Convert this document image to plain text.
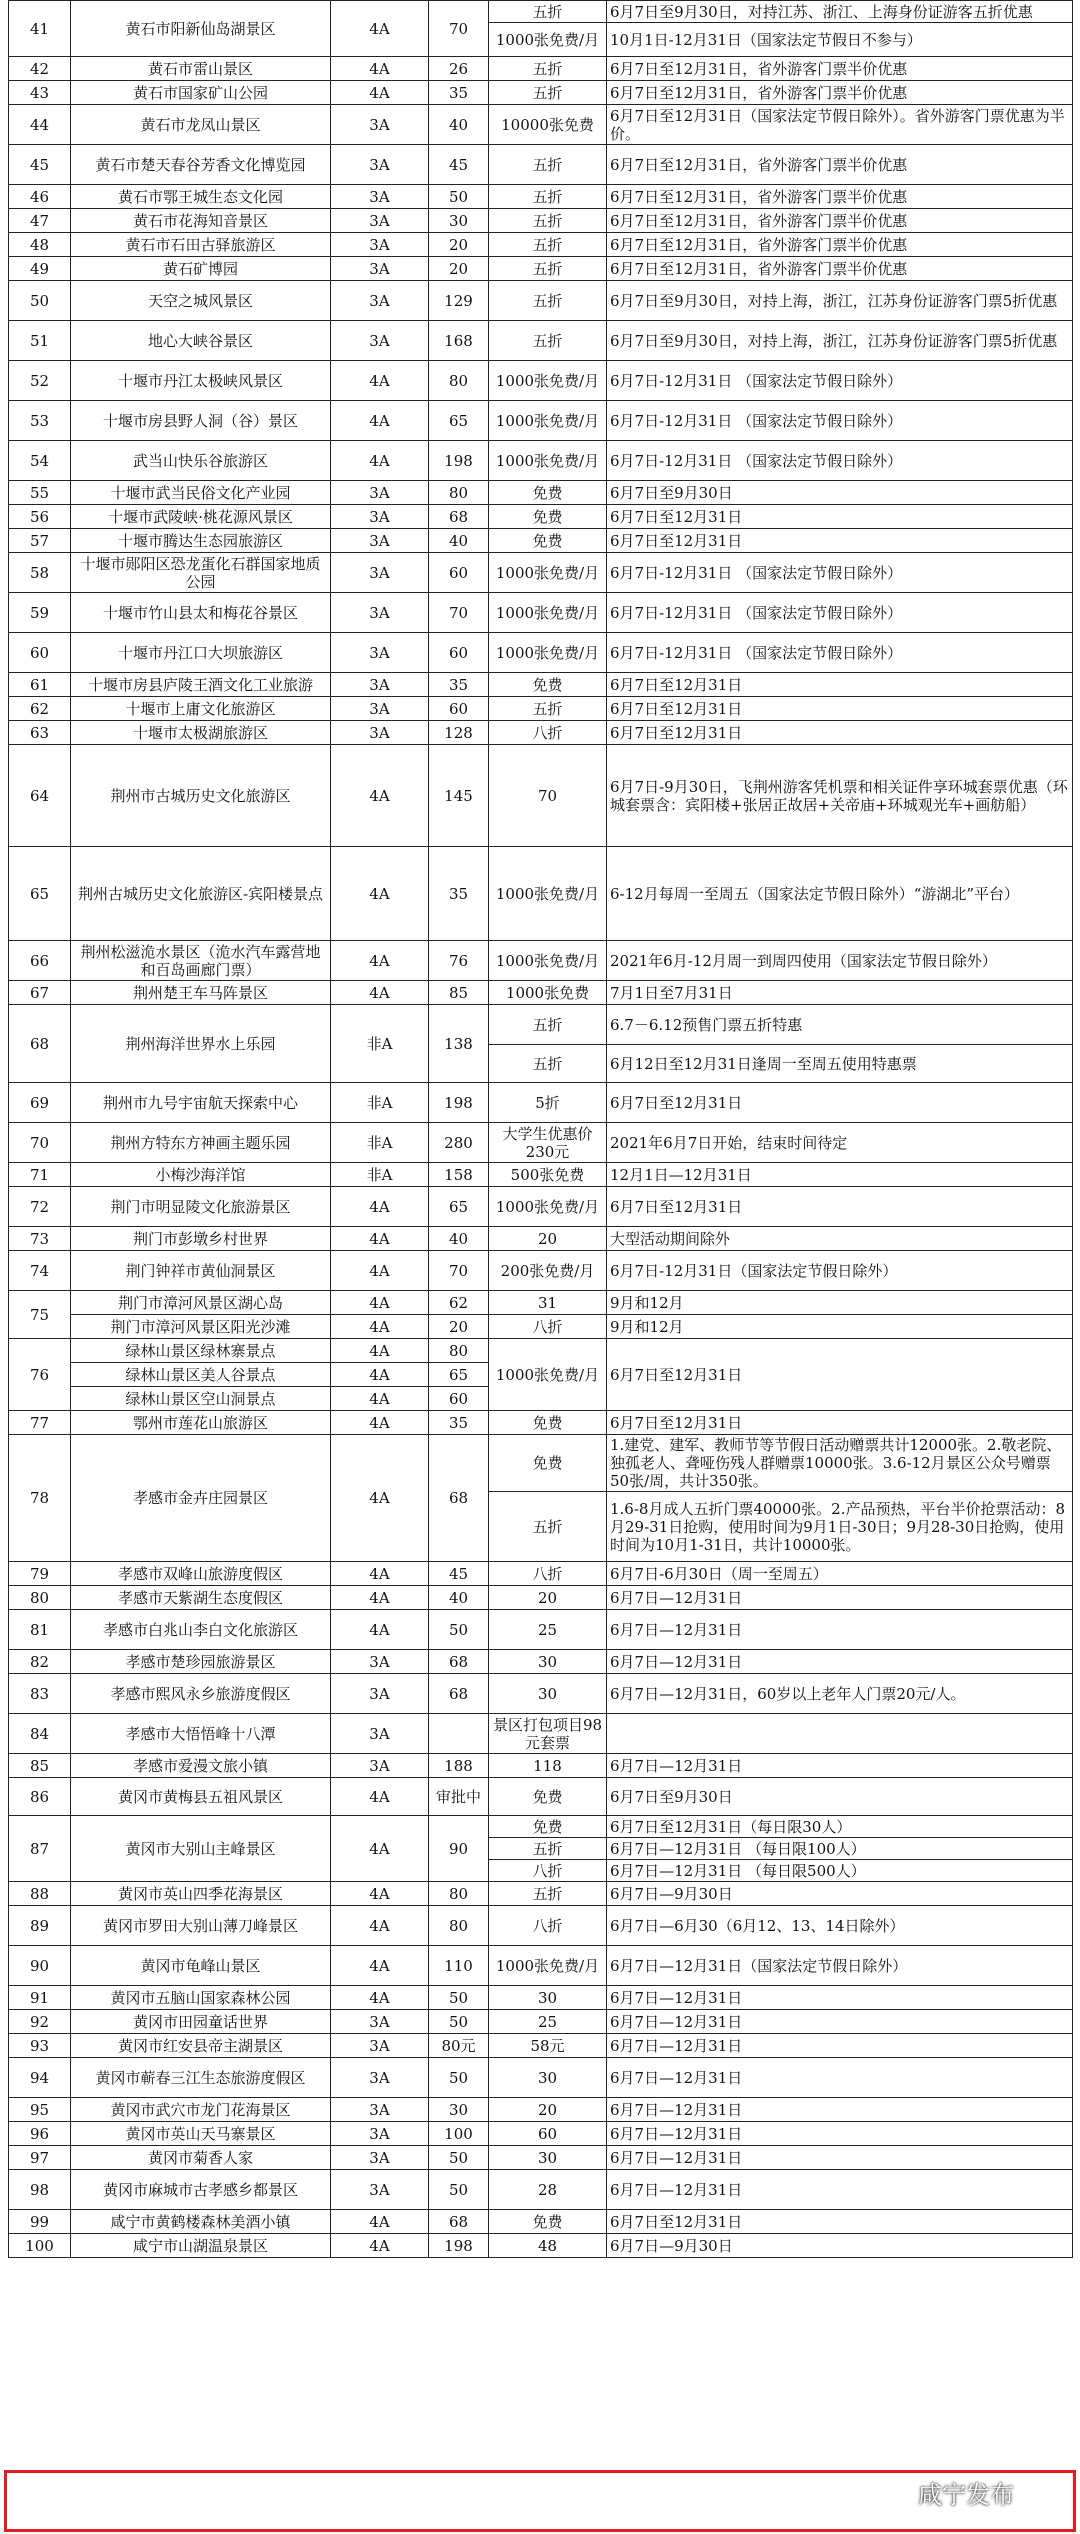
41	黄石市阳新仙岛湖景区	4A	70	五折	6月7日至9月30日，对持江苏、浙江、上海身份证游客五折优惠
				1000张免费/月	10月1日-12月31日（国家法定节假日不参与）
42	黄石市雷山景区	4A	26	五折	6月7日至12月31日，省外游客门票半价优惠
43	黄石市国家矿山公园	4A	35	五折	6月7日至12月31日，省外游客门票半价优惠
44	黄石市龙凤山景区	3A	40	10000张免费	6月7日至12月31日（国家法定节假日除外）。省外游客门票优惠为半价。
45	黄石市楚天春谷芳香文化博览园	3A	45	五折	6月7日至12月31日，省外游客门票半价优惠
46	黄石市鄂王城生态文化园	3A	50	五折	6月7日至12月31日，省外游客门票半价优惠
47	黄石市花海知音景区	3A	30	五折	6月7日至12月31日，省外游客门票半价优惠
48	黄石市石田古驿旅游区	3A	20	五折	6月7日至12月31日，省外游客门票半价优惠
49	黄石矿博园	3A	20	五折	6月7日至12月31日，省外游客门票半价优惠
50	天空之城风景区	3A	129	五折	6月7日至9月30日，对持上海，浙江，江苏身份证游客门票5折优惠
51	地心大峡谷景区	3A	168	五折	6月7日至9月30日，对持上海，浙江，江苏身份证游客门票5折优惠
52	十堰市丹江太极峡风景区	4A	80	1000张免费/月	6月7日-12月31日 （国家法定节假日除外）
53	十堰市房县野人洞（谷）景区	4A	65	1000张免费/月	6月7日-12月31日 （国家法定节假日除外）
54	武当山快乐谷旅游区	4A	198	1000张免费/月	6月7日-12月31日 （国家法定节假日除外）
55	十堰市武当民俗文化产业园	3A	80	免费	6月7日至9月30日
56	十堰市武陵峡·桃花源风景区	3A	68	免费	6月7日至12月31日
57	十堰市腾达生态园旅游区	3A	40	免费	6月7日至12月31日
58	十堰市郧阳区恐龙蛋化石群国家地质公园	3A	60	1000张免费/月	6月7日-12月31日 （国家法定节假日除外）
59	十堰市竹山县太和梅花谷景区	3A	70	1000张免费/月	6月7日-12月31日 （国家法定节假日除外）
60	十堰市丹江口大坝旅游区	3A	60	1000张免费/月	6月7日-12月31日 （国家法定节假日除外）
61	十堰市房县庐陵王酒文化工业旅游	3A	35	免费	6月7日至12月31日
62	十堰市上庸文化旅游区	3A	60	五折	6月7日至12月31日
63	十堰市太极湖旅游区	3A	128	八折	6月7日至12月31日
64	荆州市古城历史文化旅游区	4A	145	70	6月7日-9月30日，飞荆州游客凭机票和相关证件享环城套票优惠（环城套票含：宾阳楼+张居正故居+关帝庙+环城观光车+画舫船）
65	荆州古城历史文化旅游区-宾阳楼景点	4A	35	1000张免费/月	6-12月每周一至周五（国家法定节假日除外）“游湖北”平台）
66	荆州松滋洈水景区（洈水汽车露营地和百岛画廊门票）	4A	76	1000张免费/月	2021年6月-12月周一到周四使用（国家法定节假日除外）
67	荆州楚王车马阵景区	4A	85	1000张免费	7月1日至7月31日
68	荆州海洋世界水上乐园	非A	138	五折	6.7－6.12预售门票五折特惠
				五折	6月12日至12月31日逢周一至周五使用特惠票
69	荆州市九号宇宙航天探索中心	非A	198	5折	6月7日至12月31日
70	荆州方特东方神画主题乐园	非A	280	大学生优惠价230元	2021年6月7日开始，结束时间待定
71	小梅沙海洋馆	非A	158	500张免费	12月1日—12月31日
72	荆门市明显陵文化旅游景区	4A	65	1000张免费/月	6月7日至12月31日
73	荆门市彭墩乡村世界	4A	40	20	大型活动期间除外
74	荆门钟祥市黄仙洞景区	4A	70	200张免费/月	6月7日-12月31日（国家法定节假日除外）
75	荆门市漳河风景区湖心岛	4A	62	31	9月和12月
	荆门市漳河风景区阳光沙滩	4A	20	八折	9月和12月
76	绿林山景区绿林寨景点	4A	80	1000张免费/月	6月7日至12月31日
	绿林山景区美人谷景点	4A	65		
	绿林山景区空山洞景点	4A	60		
77	鄂州市莲花山旅游区	4A	35	免费	6月7日至12月31日
78	孝感市金卉庄园景区	4A	68	免费	1.建党、建军、教师节等节假日活动赠票共计12000张。2.敬老院、独孤老人、聋哑伤残人群赠票10000张。3.6-12月景区公众号赠票50张/周，共计350张。
				五折	1.6-8月成人五折门票40000张。2.产品预热，平台半价抢票活动：8月29-31日抢购，使用时间为9月1日-30日；9月28-30日抢购，使用时间为10月1-31日，共计10000张。
79	孝感市双峰山旅游度假区	4A	45	八折	6月7日-6月30日（周一至周五）
80	孝感市天紫湖生态度假区	4A	40	20	6月7日—12月31日
81	孝感市白兆山李白文化旅游区	4A	50	25	6月7日—12月31日
82	孝感市楚珍园旅游景区	3A	68	30	6月7日—12月31日
83	孝感市熙风永乡旅游度假区	3A	68	30	6月7日—12月31日，60岁以上老年人门票20元/人。
84	孝感市大悟悟峰十八潭	3A		景区打包项目98元套票	
85	孝感市爱漫文旅小镇	3A	188	118	6月7日—12月31日
86	黄冈市黄梅县五祖风景区	4A	审批中	免费	6月7日至9月30日
87	黄冈市大别山主峰景区	4A	90	免费	6月7日至12月31日（每日限30人）
				五折	6月7日—12月31日 （每日限100人）
				八折	6月7日—12月31日 （每日限500人）
88	黄冈市英山四季花海景区	4A	80	五折	6月7日—9月30日
89	黄冈市罗田大别山薄刀峰景区	4A	80	八折	6月7日—6月30（6月12、13、14日除外）
90	黄冈市龟峰山景区	4A	110	1000张免费/月	6月7日—12月31日（国家法定节假日除外）
91	黄冈市五脑山国家森林公园	4A	50	30	6月7日—12月31日
92	黄冈市田园童话世界	3A	50	25	6月7日—12月31日
93	黄冈市红安县帝主湖景区	3A	80元	58元	6月7日—12月31日
94	黄冈市蕲春三江生态旅游度假区	3A	50	30	6月7日—12月31日
95	黄冈市武穴市龙门花海景区	3A	30	20	6月7日—12月31日
96	黄冈市英山天马寨景区	3A	100	60	6月7日—12月31日
97	黄冈市菊香人家	3A	50	30	6月7日—12月31日
98	黄冈市麻城市古孝感乡都景区	3A	50	28	6月7日—12月31日
99	咸宁市黄鹤楼森林美酒小镇	4A	68	免费	6月7日至12月31日
100	咸宁市山湖温泉景区	4A	198	48	6月7日—9月30日
咸宁发布
